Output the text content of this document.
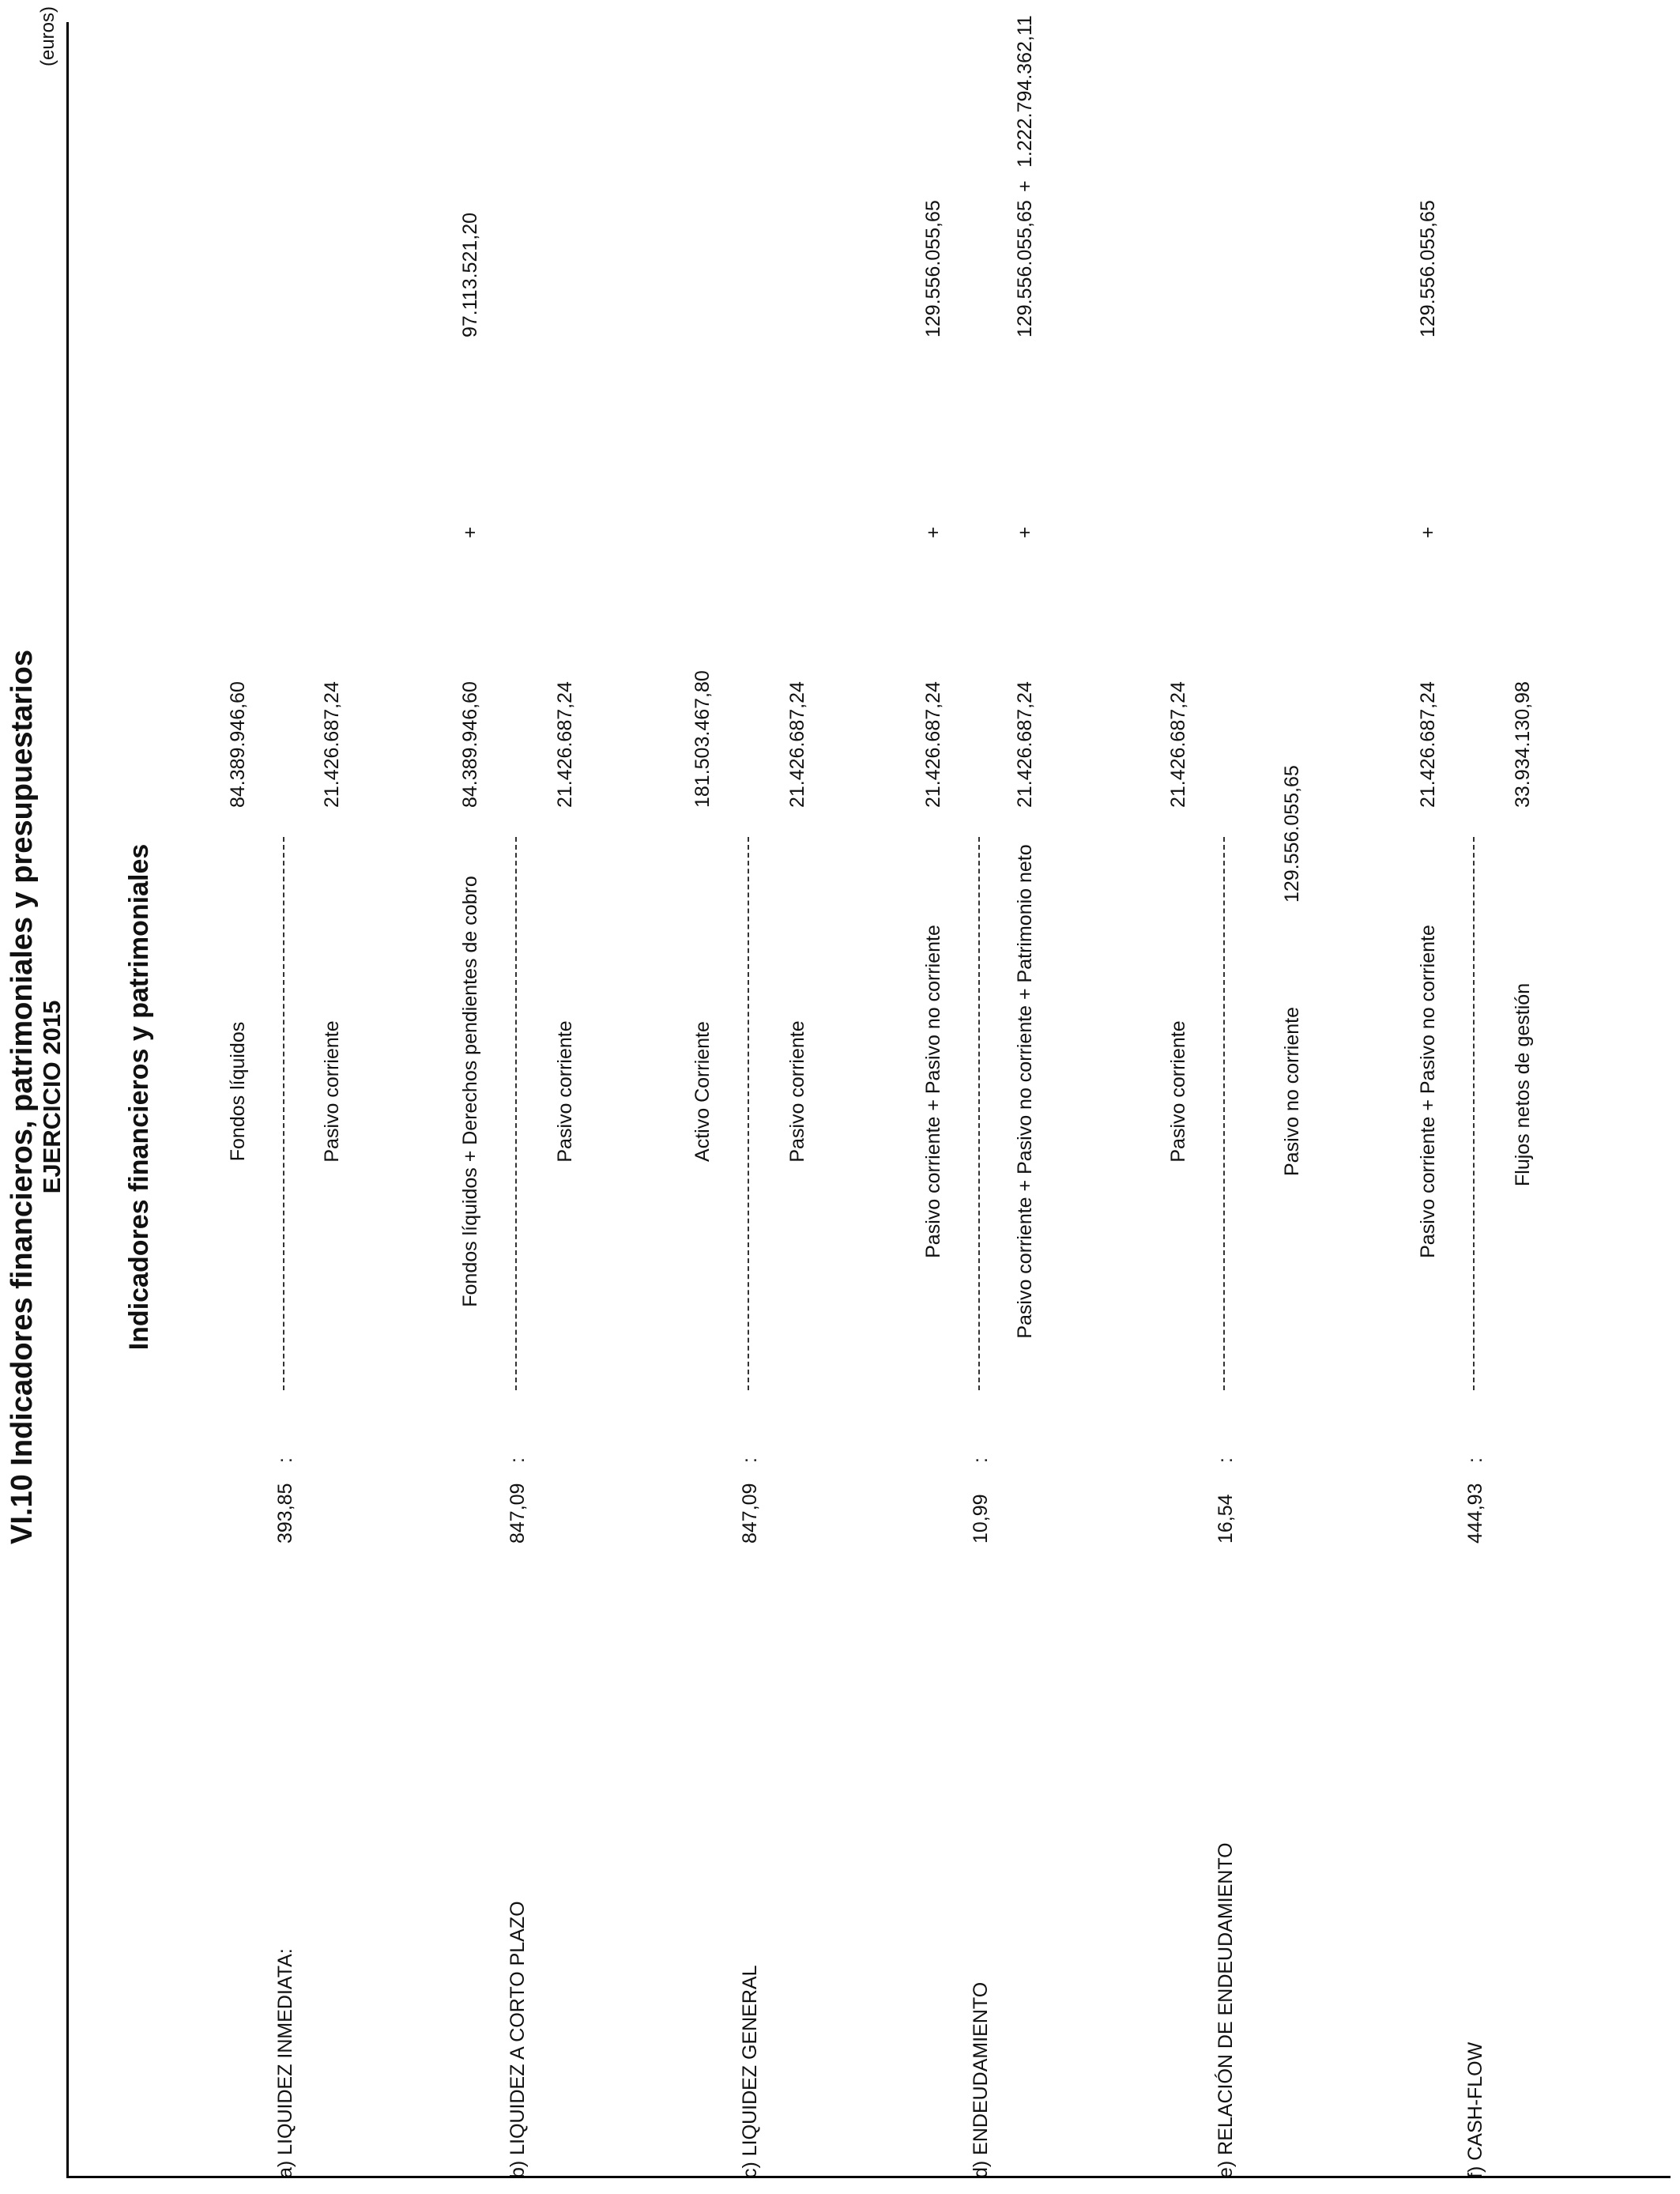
VI.10 Indicadores financieros, patrimoniales y presupuestarios EJERCICIO 2015
(euros)
Indicadores financieros y patrimoniales
a) LIQUIDEZ INMEDIATA:
393,85
:
Fondos líquidos
84.389.946,60
Pasivo corriente
21.426.687,24
b) LIQUIDEZ A CORTO PLAZO
847,09
:
Fondos líquidos + Derechos pendientes de cobro
84.389.946,60
+
97.113.521,20
Pasivo corriente
21.426.687,24
c) LIQUIDEZ GENERAL
847,09
:
Activo Corriente
181.503.467,80
Pasivo corriente
21.426.687,24
d) ENDEUDAMIENTO
10,99
:
Pasivo corriente + Pasivo no corriente
21.426.687,24
+
129.556.055,65
Pasivo corriente + Pasivo no corriente + Patrimonio neto
21.426.687,24
+
129.556.055,65
+
1.222.794.362,11
e) RELACIÓN DE ENDEUDAMIENTO
16,54
:
Pasivo corriente
21.426.687,24
Pasivo no corriente
129.556.055,65
f) CASH-FLOW
444,93
:
Pasivo corriente + Pasivo no corriente
21.426.687,24
+
129.556.055,65
Flujos netos de gestión
33.934.130,98
